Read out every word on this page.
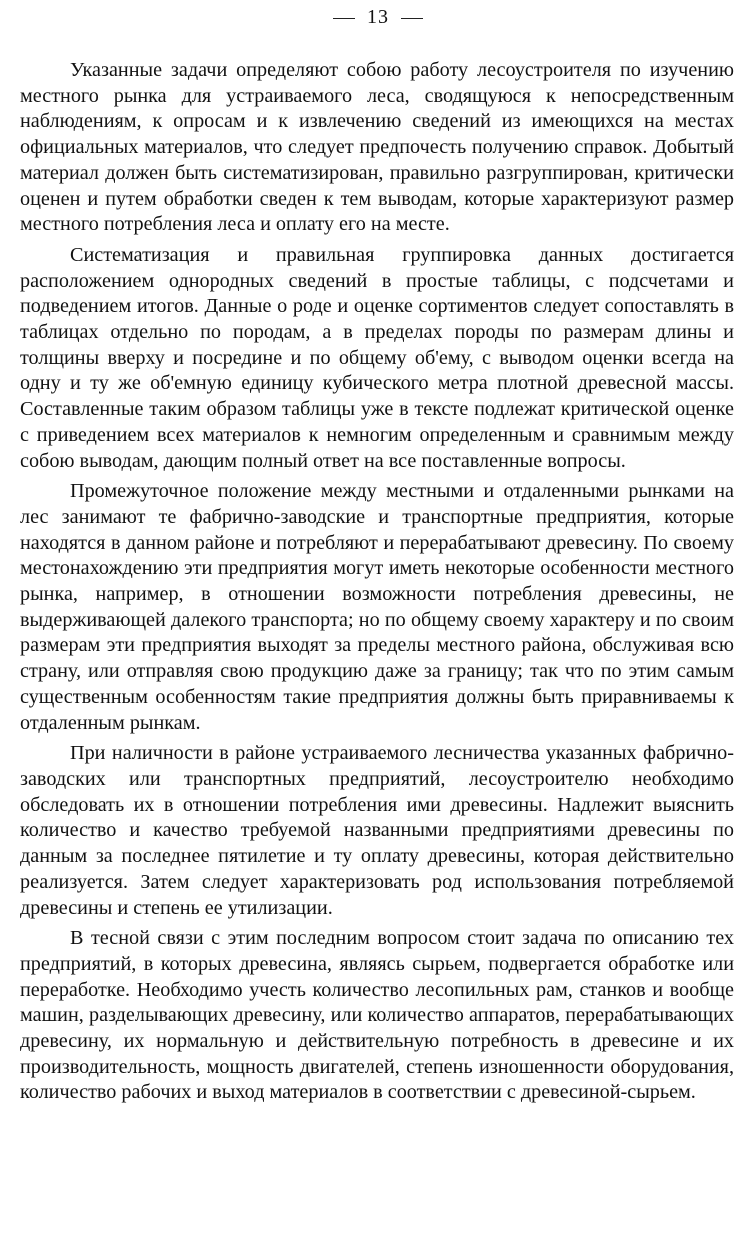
13

Указанные задачи определяют собою работу лесоустроителя по изучению местного рынка для устраиваемого леса, сводящуюся к непосредственным наблюдениям, к опросам и к извлечению сведений из имеющихся на местах официальных материалов, что следует предпочесть получению справок. Добытый материал должен быть систематизирован, правильно разгруппирован, критически оценен и путем обработки сведен к тем выводам, которые характеризуют размер местного потребления леса и оплату его на месте.

Систематизация и правильная группировка данных достигается расположением однородных сведений в простые таблицы, с подсчетами и подведением итогов. Данные о роде и оценке сортиментов следует сопоставлять в таблицах отдельно по породам, а в пределах породы по размерам длины и толщины вверху и посредине и по общему об'ему, с выводом оценки всегда на одну и ту же об'емную единицу кубического метра плотной древесной массы. Составленные таким образом таблицы уже в тексте подлежат критической оценке с приведением всех материалов к немногим определенным и сравнимым между собою выводам, дающим полный ответ на все поставленные вопросы.

Промежуточное положение между местными и отдаленными рынками на лес занимают те фабрично-заводские и транспортные предприятия, которые находятся в данном районе и потребляют и перерабатывают древесину. По своему местонахождению эти предприятия могут иметь некоторые особенности местного рынка, например, в отношении возможности потребления древесины, не выдерживающей далекого транспорта; но по общему своему характеру и по своим размерам эти предприятия выходят за пределы местного района, обслуживая всю страну, или отправляя свою продукцию даже за границу; так что по этим самым существенным особенностям такие предприятия должны быть приравниваемы к отдаленным рынкам.

При наличности в районе устраиваемого лесничества указанных фабрично-заводских или транспортных предприятий, лесоустроителю необходимо обследовать их в отношении потребления ими древесины. Надлежит выяснить количество и качество требуемой названными предприятиями древесины по данным за последнее пятилетие и ту оплату древесины, которая действительно реализуется. Затем следует характеризовать род использования потребляемой древесины и степень ее утилизации.

В тесной связи с этим последним вопросом стоит задача по описанию тех предприятий, в которых древесина, являясь сырьем, подвергается обработке или переработке. Необходимо учесть количество лесопильных рам, станков и вообще машин, разделывающих древесину, или количество аппаратов, перерабатывающих древесину, их нормальную и действительную потребность в древесине и их производительность, мощность двигателей, степень изношенности оборудования, количество рабочих и выход материалов в соответствии с древесиной-сырьем.
